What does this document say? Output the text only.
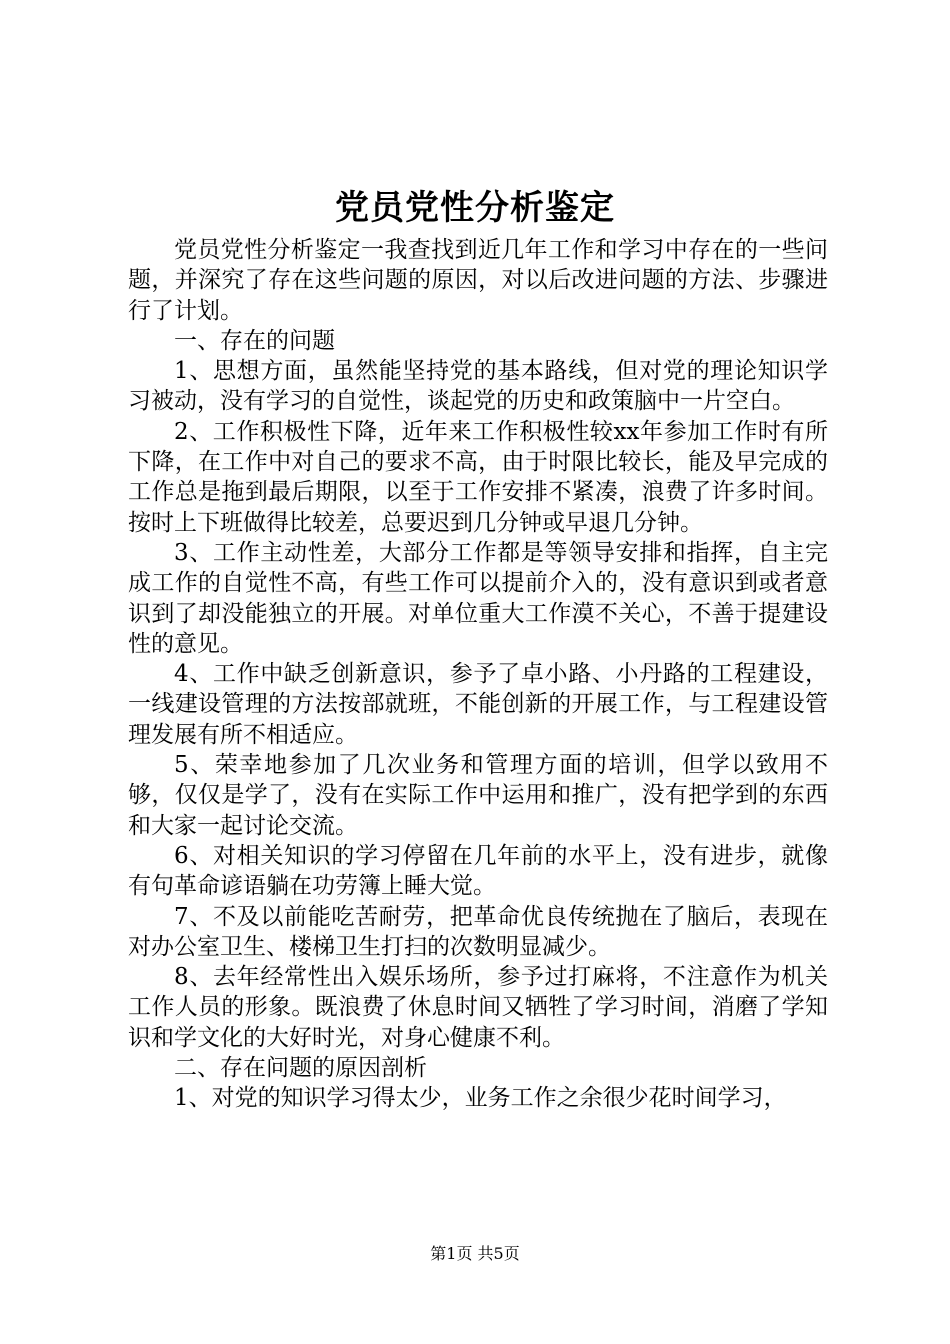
党员党性分析鉴定

党员党性分析鉴定一我查找到近几年工作和学习中存在的一些问题，并深究了存在这些问题的原因，对以后改进问题的方法、步骤进行了计划。

一、存在的问题

1、思想方面，虽然能坚持党的基本路线，但对党的理论知识学习被动，没有学习的自觉性，谈起党的历史和政策脑中一片空白。

2、工作积极性下降，近年来工作积极性较xx年参加工作时有所下降，在工作中对自己的要求不高，由于时限比较长，能及早完成的工作总是拖到最后期限，以至于工作安排不紧凑，浪费了许多时间。按时上下班做得比较差，总要迟到几分钟或早退几分钟。

3、工作主动性差，大部分工作都是等领导安排和指挥，自主完成工作的自觉性不高，有些工作可以提前介入的，没有意识到或者意识到了却没能独立的开展。对单位重大工作漠不关心，不善于提建设性的意见。

4、工作中缺乏创新意识，参予了卓小路、小丹路的工程建设，一线建设管理的方法按部就班，不能创新的开展工作，与工程建设管理发展有所不相适应。

5、荣幸地参加了几次业务和管理方面的培训，但学以致用不够，仅仅是学了，没有在实际工作中运用和推广，没有把学到的东西和大家一起讨论交流。

6、对相关知识的学习停留在几年前的水平上，没有进步，就像有句革命谚语躺在功劳簿上睡大觉。

7、不及以前能吃苦耐劳，把革命优良传统抛在了脑后，表现在对办公室卫生、楼梯卫生打扫的次数明显减少。

8、去年经常性出入娱乐场所，参予过打麻将，不注意作为机关工作人员的形象。既浪费了休息时间又牺牲了学习时间，消磨了学知识和学文化的大好时光，对身心健康不利。

二、存在问题的原因剖析

1、对党的知识学习得太少，业务工作之余很少花时间学习，

第1页 共5页
